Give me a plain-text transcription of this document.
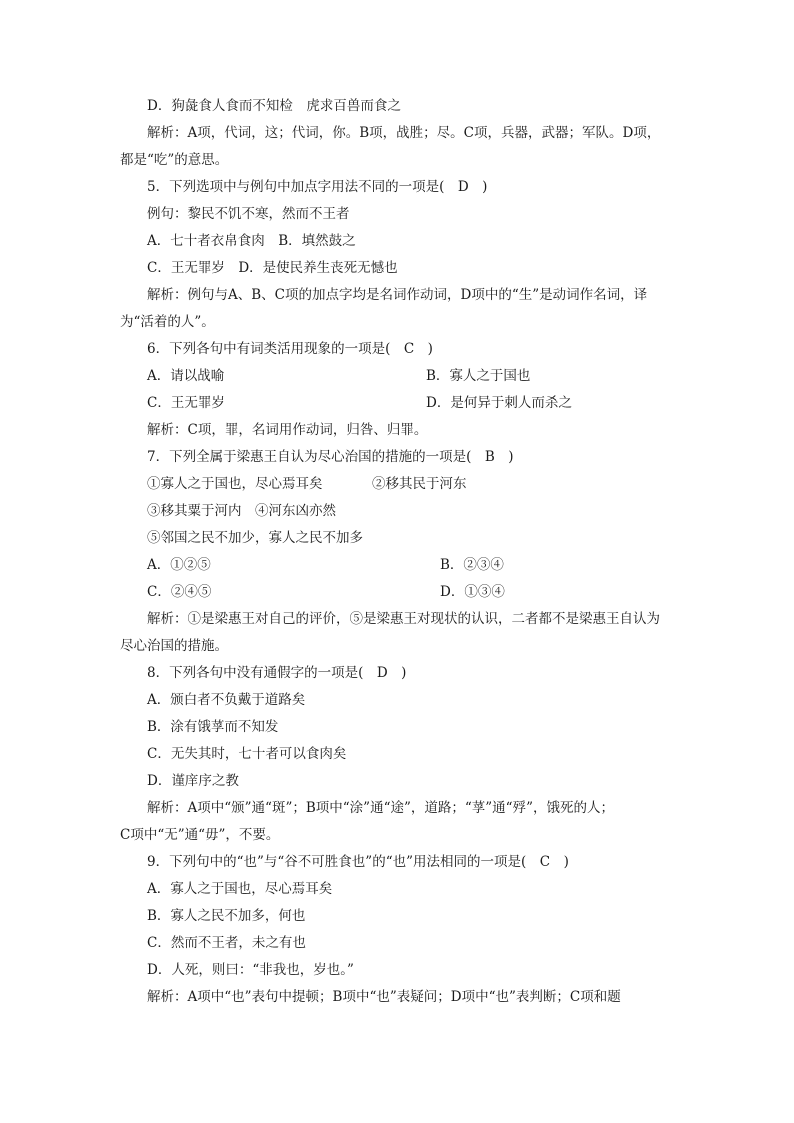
D．狗彘食人食而不知检　虎求百兽而食之
解析：A项，代词，这；代词，你。B项，战胜；尽。C项，兵器，武器；军队。D项，
都是“吃”的意思。
5．下列选项中与例句中加点字用法不同的一项是(　D　)
例句：黎民不饥不寒，然而不王者
A．七十者衣帛食肉　B．填然鼓之
C．王无罪岁　D．是使民养生丧死无憾也
解析：例句与A、B、C项的加点字均是名词作动词，D项中的“生”是动词作名词，译
为“活着的人”。
6．下列各句中有词类活用现象的一项是(　C　)
A．请以战喻	B．寡人之于国也
C．王无罪岁	D．是何异于刺人而杀之
解析：C项，罪，名词用作动词，归咎、归罪。
7．下列全属于梁惠王自认为尽心治国的措施的一项是(　B　)
①寡人之于国也，尽心焉耳矣	②移其民于河东
③移其粟于河内　④河东凶亦然
⑤邻国之民不加少，寡人之民不加多
A．①②⑤	B．②③④
C．②④⑤	D．①③④
解析：①是梁惠王对自己的评价，⑤是梁惠王对现状的认识，二者都不是梁惠王自认为
尽心治国的措施。
8．下列各句中没有通假字的一项是(　D　)
A．颁白者不负戴于道路矣
B．涂有饿莩而不知发
C．无失其时，七十者可以食肉矣
D．谨庠序之教
解析：A项中“颁”通“斑”；B项中“涂”通“途”，道路；“莩”通“殍”，饿死的人；
C项中“无”通“毋”，不要。
9．下列句中的“也”与“谷不可胜食也”的“也”用法相同的一项是(　C　)
A．寡人之于国也，尽心焉耳矣
B．寡人之民不加多，何也
C．然而不王者，未之有也
D．人死，则曰：“非我也，岁也。”
解析：A项中“也”表句中提顿；B项中“也”表疑问；D项中“也”表判断；C项和题
